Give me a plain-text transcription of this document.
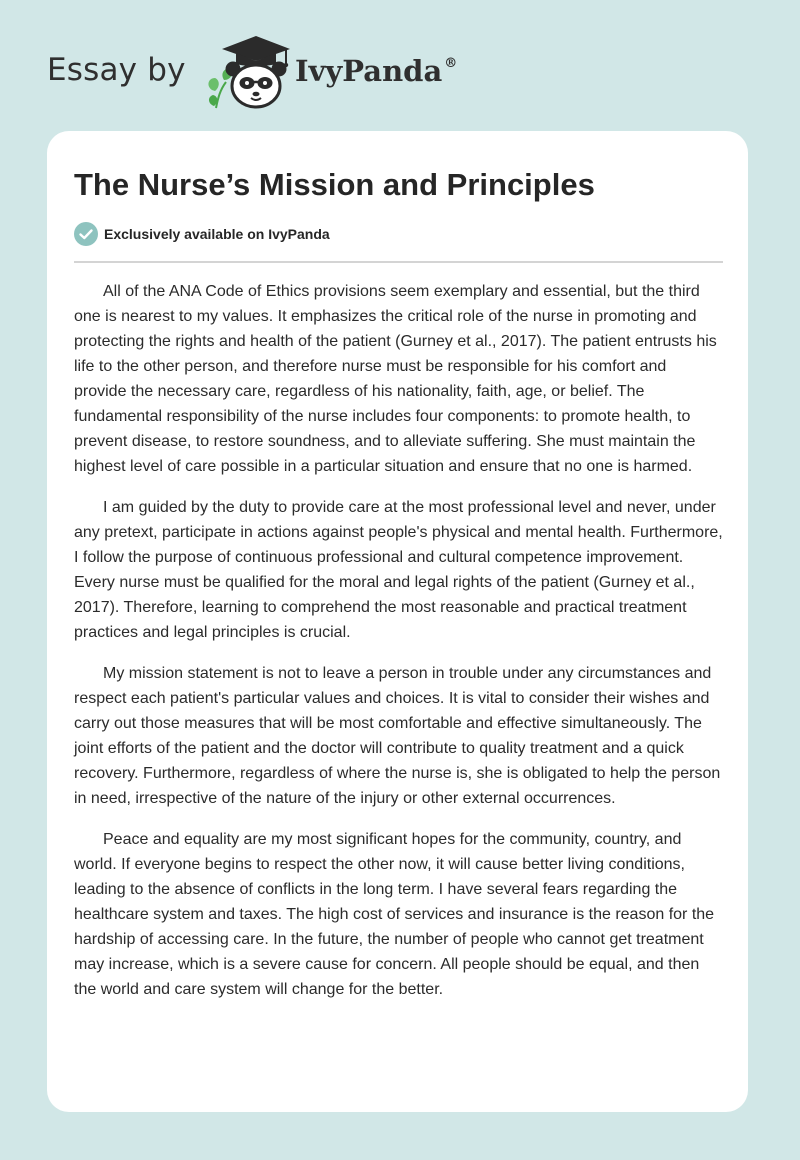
Essay by	IvyPanda ®
The Nurse’s Mission and Principles
Exclusively available on IvyPanda

All of the ANA Code of Ethics provisions seem exemplary and essential, but the third one is nearest to my values. It emphasizes the critical role of the nurse in promoting and protecting the rights and health of the patient (Gurney et al., 2017). The patient entrusts his life to the other person, and therefore nurse must be responsible for his comfort and provide the necessary care, regardless of his nationality, faith, age, or belief. The fundamental responsibility of the nurse includes four components: to promote health, to prevent disease, to restore soundness, and to alleviate suffering. She must maintain the highest level of care possible in a particular situation and ensure that no one is harmed.

I am guided by the duty to provide care at the most professional level and never, under any pretext, participate in actions against people's physical and mental health. Furthermore, I follow the purpose of continuous professional and cultural competence improvement. Every nurse must be qualified for the moral and legal rights of the patient (Gurney et al., 2017). Therefore, learning to comprehend the most reasonable and practical treatment practices and legal principles is crucial.

My mission statement is not to leave a person in trouble under any circumstances and respect each patient's particular values and choices. It is vital to consider their wishes and carry out those measures that will be most comfortable and effective simultaneously. The joint efforts of the patient and the doctor will contribute to quality treatment and a quick recovery. Furthermore, regardless of where the nurse is, she is obligated to help the person in need, irrespective of the nature of the injury or other external occurrences.

Peace and equality are my most significant hopes for the community, country, and world. If everyone begins to respect the other now, it will cause better living conditions, leading to the absence of conflicts in the long term. I have several fears regarding the healthcare system and taxes. The high cost of services and insurance is the reason for the hardship of accessing care. In the future, the number of people who cannot get treatment may increase, which is a severe cause for concern. All people should be equal, and then the world and care system will change for the better.
